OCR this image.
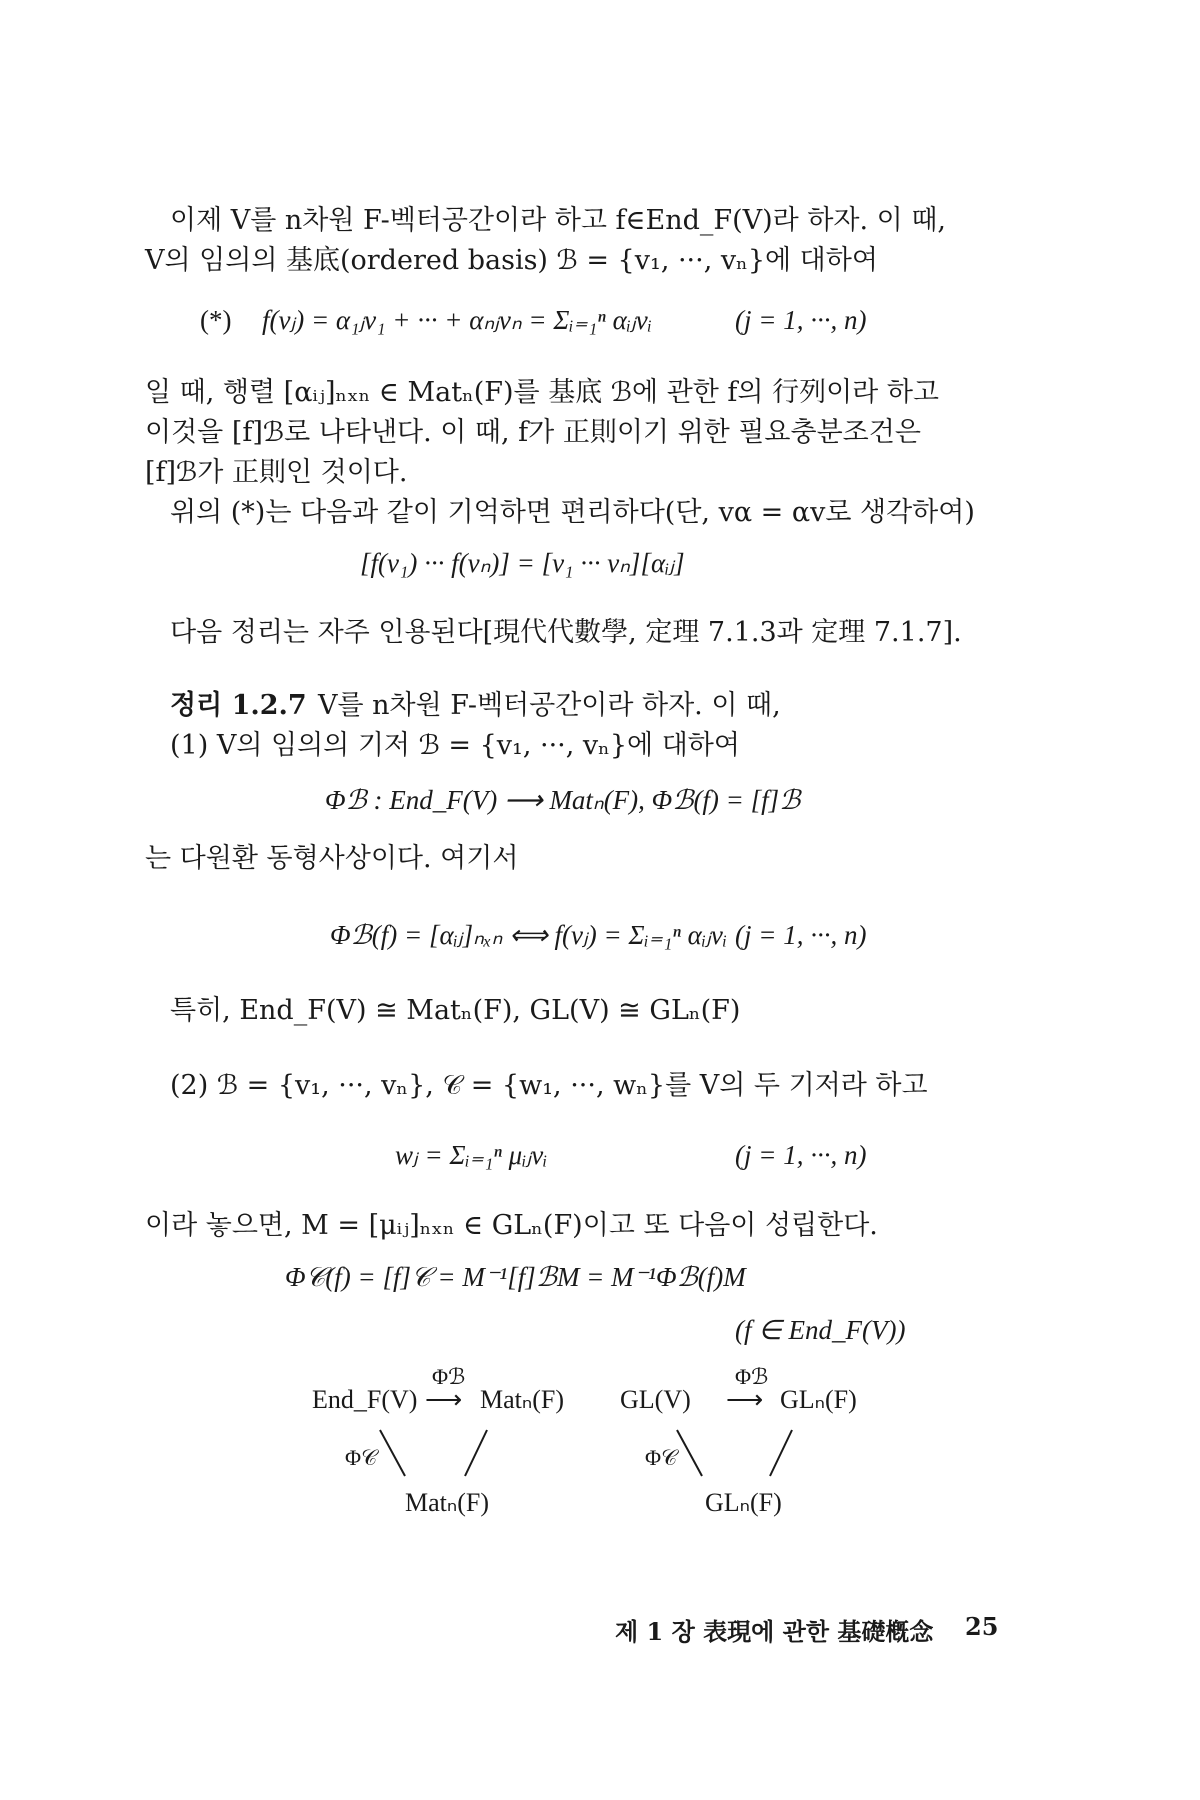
이제 V를 n차원 F-벡터공간이라 하고 f∈End_F(V)라 하자. 이 때,
V의 임의의 基底(ordered basis) ℬ = {v₁, ···, vₙ}에 대하여
(*) f(vⱼ) = α₁ⱼv₁ + ··· + αₙⱼvₙ = Σᵢ₌₁ⁿ αᵢⱼvᵢ	(j = 1, ···, n)
일 때, 행렬 [αᵢⱼ]ₙₓₙ ∈ Matₙ(F)를 基底 ℬ에 관한 f의 行列이라 하고
이것을 [f]ℬ로 나타낸다. 이 때, f가 正則이기 위한 필요충분조건은
[f]ℬ가 正則인 것이다.
위의 (*)는 다음과 같이 기억하면 편리하다(단, vα = αv로 생각하여)
[f(v₁) ··· f(vₙ)] = [v₁ ··· vₙ][αᵢⱼ]
다음 정리는 자주 인용된다[現代代數學, 定理 7.1.3과 定理 7.1.7].
정리 1.2.7 V를 n차원 F-벡터공간이라 하자. 이 때,
(1) V의 임의의 기저 ℬ = {v₁, ···, vₙ}에 대하여
Φℬ : End_F(V) ⟶ Matₙ(F), Φℬ(f) = [f]ℬ
는 다원환 동형사상이다. 여기서
Φℬ(f) = [αᵢⱼ]ₙₓₙ ⟺ f(vⱼ) = Σᵢ₌₁ⁿ αᵢⱼvᵢ (j = 1, ···, n)
특히, End_F(V) ≅ Matₙ(F), GL(V) ≅ GLₙ(F)
(2) ℬ = {v₁, ···, vₙ}, 𝒞 = {w₁, ···, wₙ}를 V의 두 기저라 하고
wⱼ = Σᵢ₌₁ⁿ μᵢⱼvᵢ	(j = 1, ···, n)
이라 놓으면, M = [μᵢⱼ]ₙₓₙ ∈ GLₙ(F)이고 또 다음이 성립한다.
Φ𝒞(f) = [f]𝒞 = M⁻¹[f]ℬM = M⁻¹Φℬ(f)M
(f ∈ End_F(V))
End_F(V)
Φℬ
⟶ Matₙ(F)
Φ𝒞
Matₙ(F)
GL(V)
Φℬ
⟶ GLₙ(F)
Φ𝒞
GLₙ(F)
제 1 장 表現에 관한 基礎槪念 25
